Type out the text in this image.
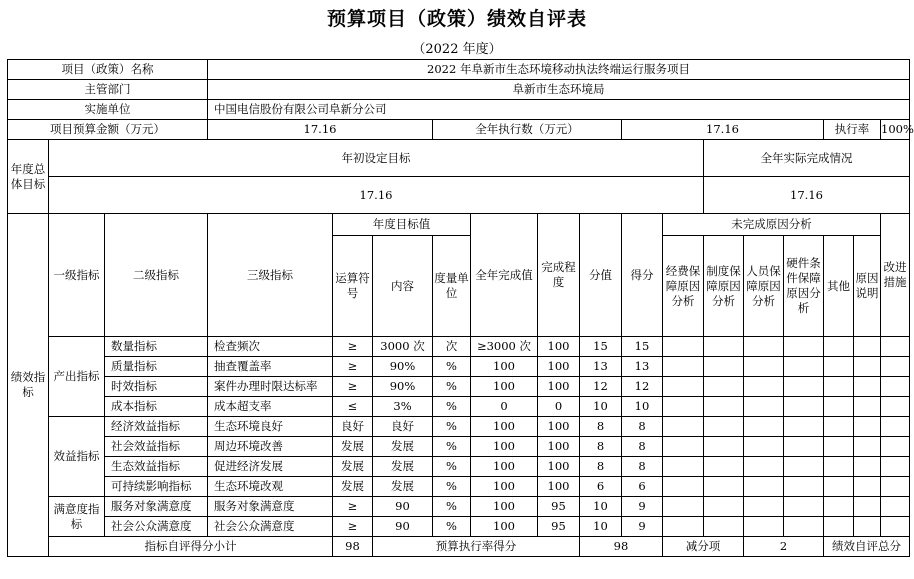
预算项目（政策）绩效自评表
（2022 年度）
项目（政策）名称			2022 年阜新市生态环境移动执法终端运行服务项目															
主管部门			阜新市生态环境局															
实施单位			中国电信股份有限公司阜新分公司															
项目预算金额（万元）			17.16			全年执行数（万元）				17.16					执行率		100%	
年度总体目标	年初设定目标											全年实际完成情况						
	17.16											17.16						
绩效指标	一级指标	二级指标	三级指标	年度目标值			全年完成值	完成程度	分值	得分	未完成原因分析						改进措施	
				运算符号	内容	度量单位					经费保障原因分析	制度保障原因分析	人员保障原因分析	硬件条件保障原因分析	其他	原因说明		
	产出指标	数量指标	检查频次	≥	3000 次	次	≥3000 次	100	15	15								
		质量指标	抽查覆盖率	≥	90%	%	100	100	13	13								
		时效指标	案件办理时限达标率	≥	90%	%	100	100	12	12								
		成本指标	成本超支率	≤	3%	%	0	0	10	10								
	效益指标	经济效益指标	生态环境良好	良好	良好	%	100	100	8	8								
		社会效益指标	周边环境改善	发展	发展	%	100	100	8	8								
		生态效益指标	促进经济发展	发展	发展	%	100	100	8	8								
		可持续影响指标	生态环境改观	发展	发展	%	100	100	6	6								
	满意度指标	服务对象满意度	服务对象满意度	≥	90	%	100	95	10	9								
		社会公众满意度	社会公众满意度	≥	90	%	100	95	10	9								
	指标自评得分小计			98	预算执行率得分				98		减分项		2		绩效自评总分	
